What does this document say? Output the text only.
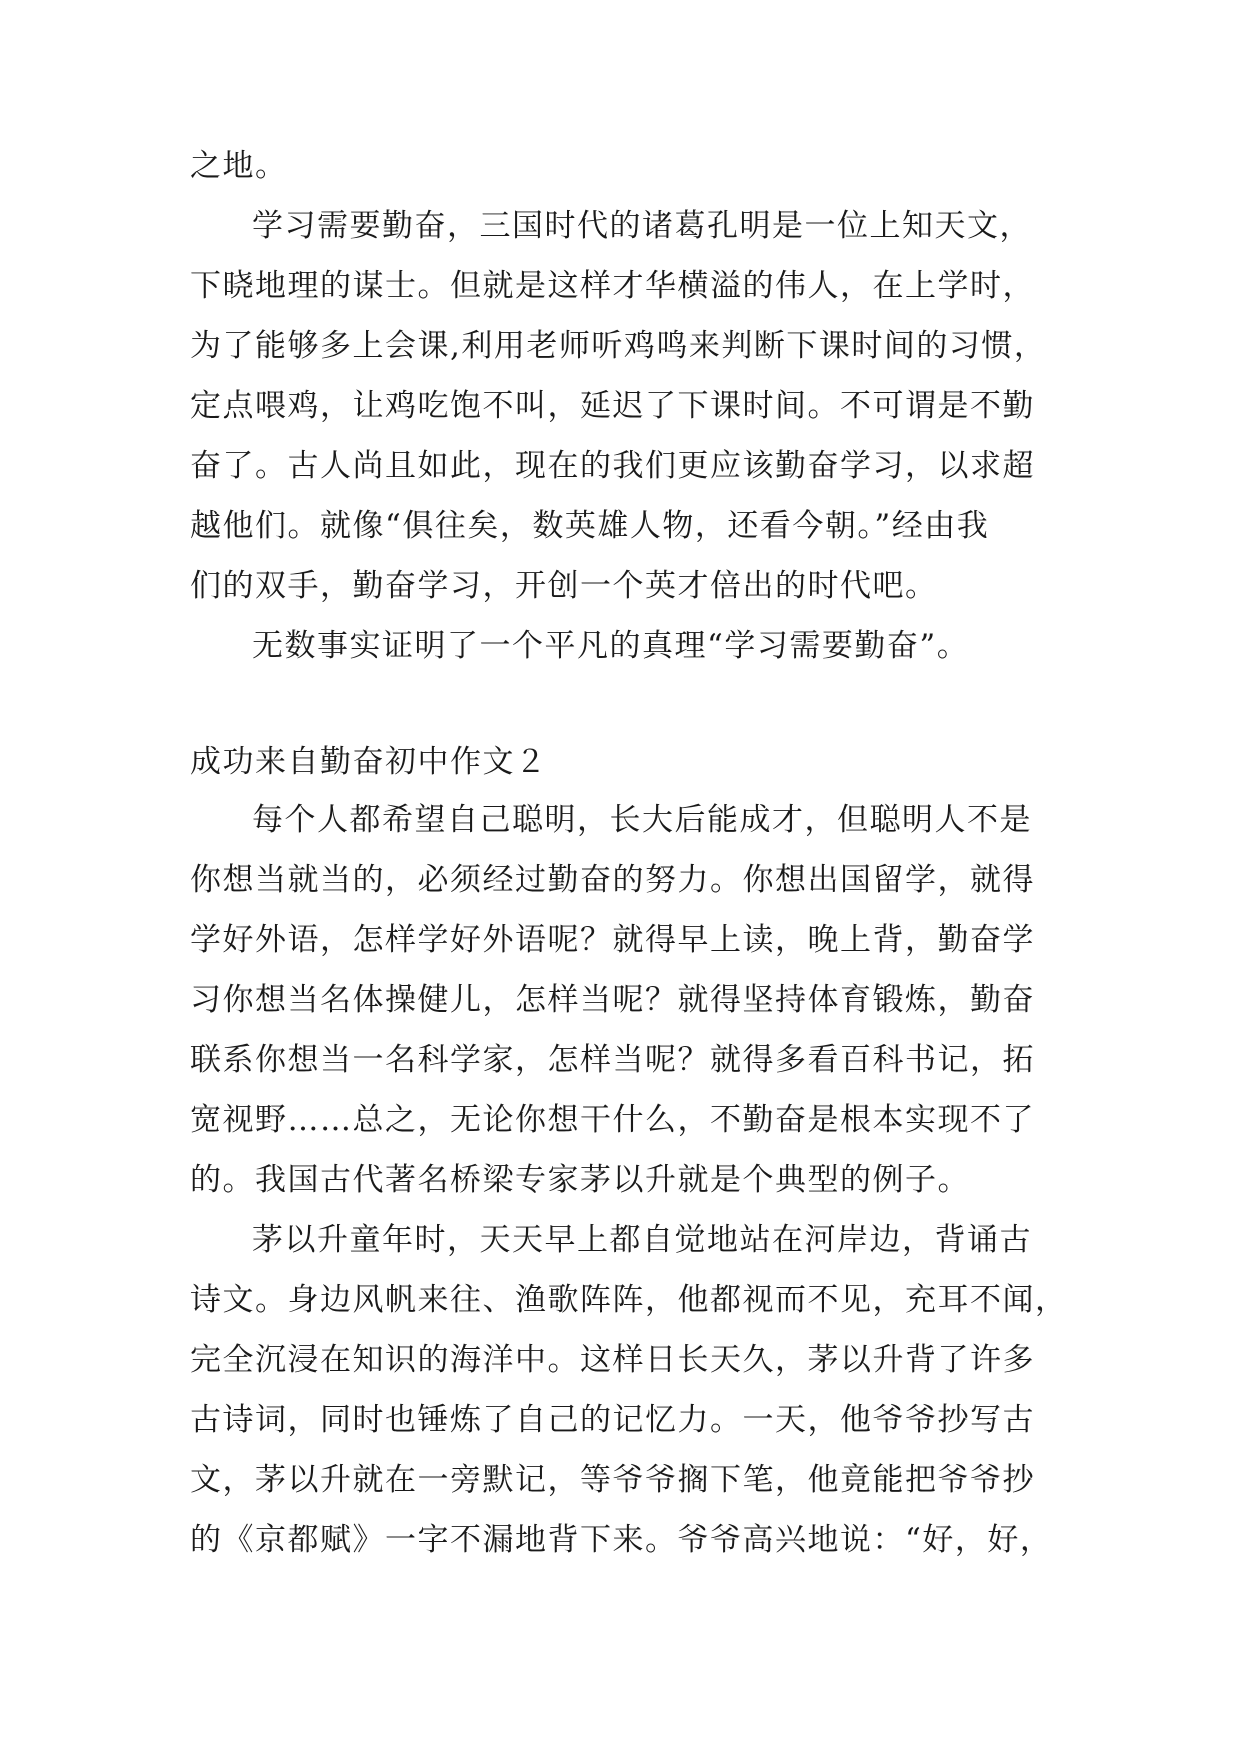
之地。
学习需要勤奋，三国时代的诸葛孔明是一位上知天文，
下晓地理的谋士。但就是这样才华横溢的伟人，在上学时，
为了能够多上会课,利用老师听鸡鸣来判断下课时间的习惯，
定点喂鸡，让鸡吃饱不叫，延迟了下课时间。不可谓是不勤
奋了。古人尚且如此，现在的我们更应该勤奋学习，以求超
越他们。就像“俱往矣，数英雄人物，还看今朝。”经由我
们的双手，勤奋学习，开创一个英才倍出的时代吧。
无数事实证明了一个平凡的真理“学习需要勤奋”。
成功来自勤奋初中作文２
每个人都希望自己聪明，长大后能成才，但聪明人不是
你想当就当的，必须经过勤奋的努力。你想出国留学，就得
学好外语，怎样学好外语呢？就得早上读，晚上背，勤奋学
习你想当名体操健儿，怎样当呢？就得坚持体育锻炼，勤奋
联系你想当一名科学家，怎样当呢？就得多看百科书记，拓
宽视野……总之，无论你想干什么，不勤奋是根本实现不了
的。我国古代著名桥梁专家茅以升就是个典型的例子。
茅以升童年时，天天早上都自觉地站在河岸边，背诵古
诗文。身边风帆来往、渔歌阵阵，他都视而不见，充耳不闻，
完全沉浸在知识的海洋中。这样日长天久，茅以升背了许多
古诗词，同时也锤炼了自己的记忆力。一天，他爷爷抄写古
文，茅以升就在一旁默记，等爷爷搁下笔，他竟能把爷爷抄
的《京都赋》一字不漏地背下来。爷爷高兴地说：“好，好，
